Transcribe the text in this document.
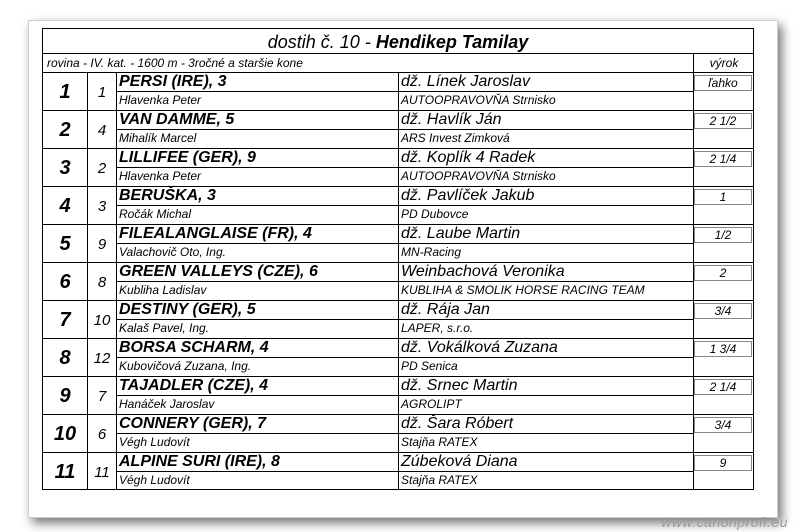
dostih č. 10 - Hendikep Tamilay
rovina - IV. kat. - 1600 m - 3ročné a staršie kone	výrok
1	1
PERSI (IRE), 3	dž. Línek Jaroslav
Hlavenka Peter	AUTOOPRAVOVŇA Strnisko
ľahko
2	4
VAN DAMME, 5	dž. Havlík Ján
Mihalík Marcel	ARS Invest Zimková
2 1/2
3	2
LILLIFEE (GER), 9	dž. Koplík 4 Radek
Hlavenka Peter	AUTOOPRAVOVŇA Strnisko
2 1/4
4	3
BERUŠKA, 3	dž. Pavlíček Jakub
Ročák Michal	PD Dubovce
1
5	9
FILEALANGLAISE (FR), 4	dž. Laube Martin
Valachovič Oto, Ing.	MN-Racing
1/2
6	8
GREEN VALLEYS (CZE), 6	Weinbachová Veronika
Kubliha Ladislav	KUBLIHA & SMOLIK HORSE RACING TEAM
2
7	10
DESTINY (GER), 5	dž. Rája Jan
Kalaš Pavel, Ing.	LAPER, s.r.o.
3/4
8	12
BORSA SCHARM, 4	dž. Vokálková Zuzana
Kubovičová Zuzana, Ing.	PD Senica
1 3/4
9	7
TAJADLER (CZE), 4	dž. Srnec Martin
Hanáček Jaroslav	AGROLIPT
2 1/4
10	6
CONNERY (GER), 7	dž. Šara Róbert
Végh Ludovít	Stajňa RATEX
3/4
11	11
ALPINE SURI (IRE), 8	Zúbeková Diana
Végh Ludovít	Stajňa RATEX
9
www.canonprofi.eu
